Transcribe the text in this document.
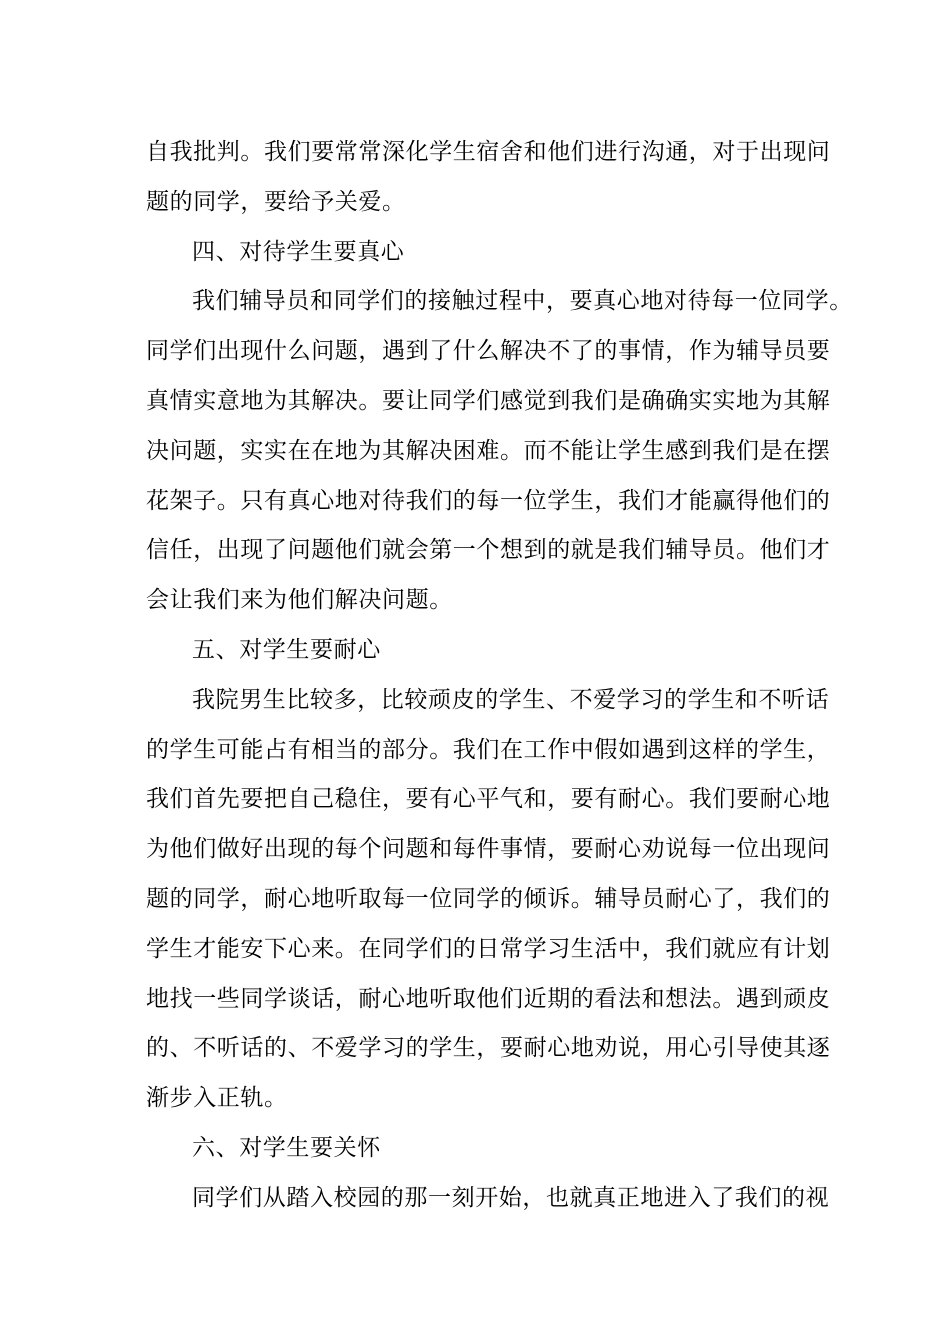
自我批判。我们要常常深化学生宿舍和他们进行沟通，对于出现问
题的同学，要给予关爱。
四、对待学生要真心
我们辅导员和同学们的接触过程中，要真心地对待每一位同学。
同学们出现什么问题，遇到了什么解决不了的事情，作为辅导员要
真情实意地为其解决。要让同学们感觉到我们是确确实实地为其解
决问题，实实在在地为其解决困难。而不能让学生感到我们是在摆
花架子。只有真心地对待我们的每一位学生，我们才能赢得他们的
信任，出现了问题他们就会第一个想到的就是我们辅导员。他们才
会让我们来为他们解决问题。
五、对学生要耐心
我院男生比较多，比较顽皮的学生、不爱学习的学生和不听话
的学生可能占有相当的部分。我们在工作中假如遇到这样的学生，
我们首先要把自己稳住，要有心平气和，要有耐心。我们要耐心地
为他们做好出现的每个问题和每件事情，要耐心劝说每一位出现问
题的同学，耐心地听取每一位同学的倾诉。辅导员耐心了，我们的
学生才能安下心来。在同学们的日常学习生活中，我们就应有计划
地找一些同学谈话，耐心地听取他们近期的看法和想法。遇到顽皮
的、不听话的、不爱学习的学生，要耐心地劝说，用心引导使其逐
渐步入正轨。
六、对学生要关怀
同学们从踏入校园的那一刻开始，也就真正地进入了我们的视
